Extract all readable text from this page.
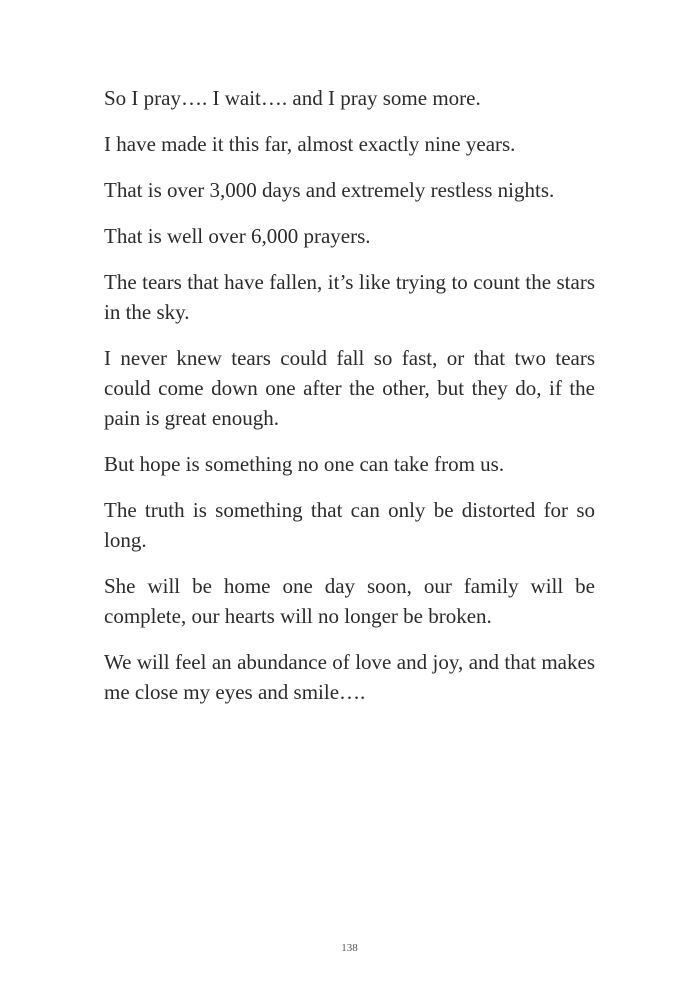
So I pray…. I wait…. and I pray some more.

I have made it this far, almost exactly nine years.

That is over 3,000 days and extremely restless nights.

That is well over 6,000 prayers.

The tears that have fallen, it’s like trying to count the stars in the sky.

I never knew tears could fall so fast, or that two tears could come down one after the other, but they do, if the pain is great enough.

But hope is something no one can take from us.

The truth is something that can only be distorted for so long.

She will be home one day soon, our family will be complete, our hearts will no longer be broken.

We will feel an abundance of love and joy, and that makes me close my eyes and smile….

138
